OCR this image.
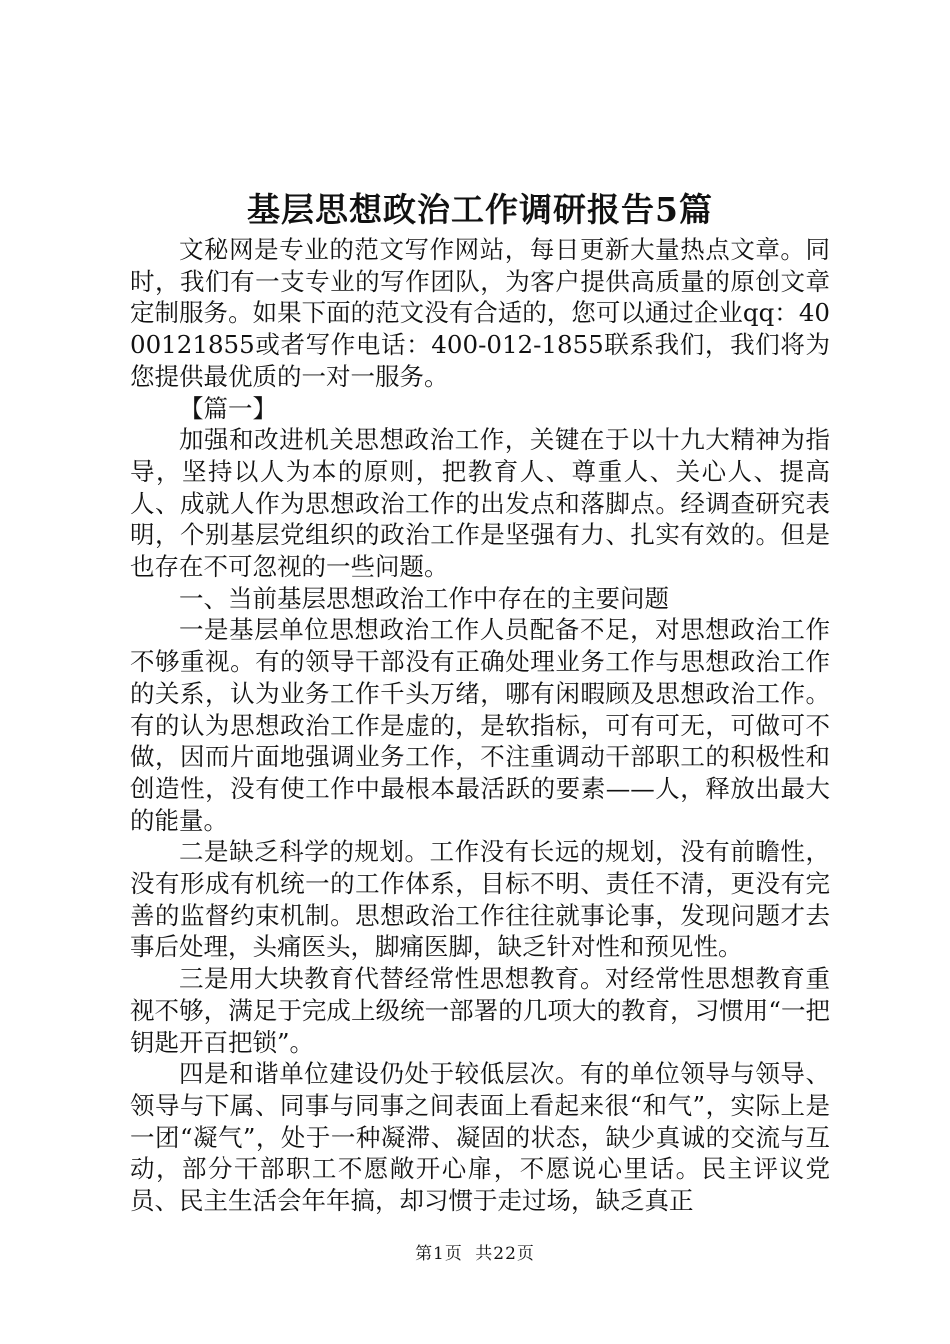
基层思想政治工作调研报告5篇

文秘网是专业的范文写作网站，每日更新大量热点文章。同时，我们有一支专业的写作团队，为客户提供高质量的原创文章定制服务。如果下面的范文没有合适的，您可以通过企业qq：4000121855或者写作电话：400-012-1855联系我们，我们将为您提供最优质的一对一服务。

【篇一】

加强和改进机关思想政治工作，关键在于以十九大精神为指导，坚持以人为本的原则，把教育人、尊重人、关心人、提高人、成就人作为思想政治工作的出发点和落脚点。经调查研究表明，个别基层党组织的政治工作是坚强有力、扎实有效的。但是也存在不可忽视的一些问题。

一、当前基层思想政治工作中存在的主要问题

一是基层单位思想政治工作人员配备不足，对思想政治工作不够重视。有的领导干部没有正确处理业务工作与思想政治工作的关系，认为业务工作千头万绪，哪有闲暇顾及思想政治工作。有的认为思想政治工作是虚的，是软指标，可有可无，可做可不做，因而片面地强调业务工作，不注重调动干部职工的积极性和创造性，没有使工作中最根本最活跃的要素——人，释放出最大的能量。

二是缺乏科学的规划。工作没有长远的规划，没有前瞻性，没有形成有机统一的工作体系，目标不明、责任不清，更没有完善的监督约束机制。思想政治工作往往就事论事，发现问题才去事后处理，头痛医头，脚痛医脚，缺乏针对性和预见性。

三是用大块教育代替经常性思想教育。对经常性思想教育重视不够，满足于完成上级统一部署的几项大的教育，习惯用“一把钥匙开百把锁”。

四是和谐单位建设仍处于较低层次。有的单位领导与领导、领导与下属、同事与同事之间表面上看起来很“和气”，实际上是一团“凝气”，处于一种凝滞、凝固的状态，缺少真诚的交流与互动，部分干部职工不愿敞开心扉，不愿说心里话。民主评议党员、民主生活会年年搞，却习惯于走过场，缺乏真正

第1页 共22页
